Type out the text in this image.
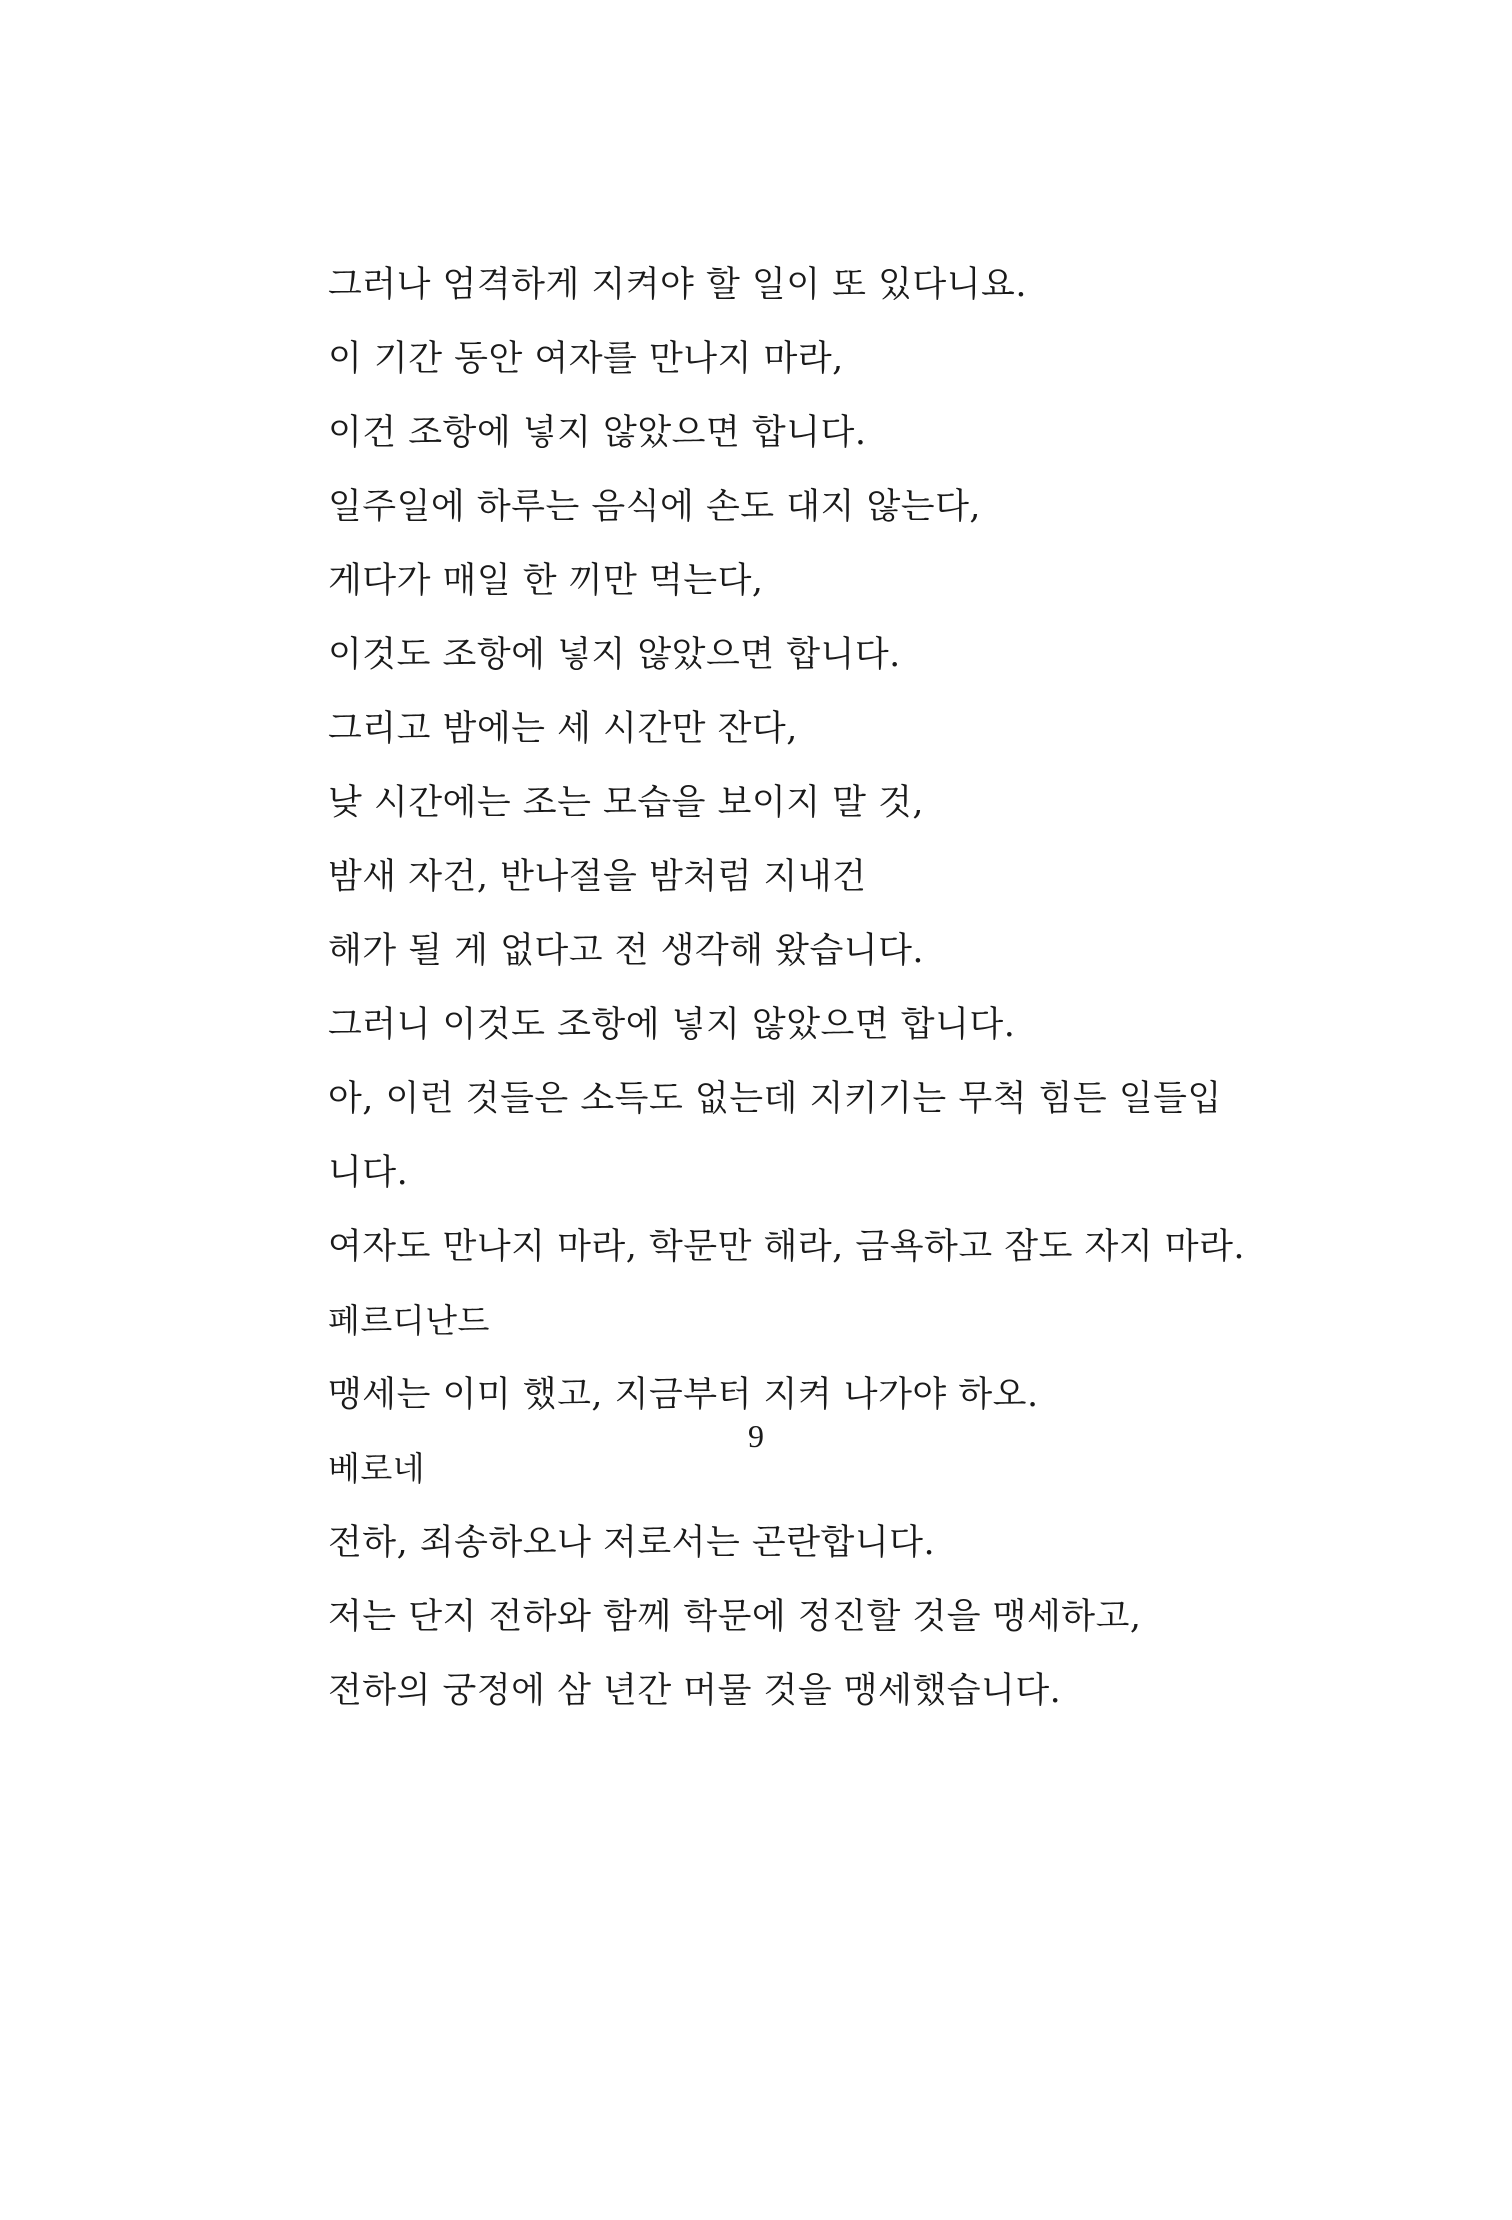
그러나 엄격하게 지켜야 할 일이 또 있다니요.
이 기간 동안 여자를 만나지 마라,
이건 조항에 넣지 않았으면 합니다.
일주일에 하루는 음식에 손도 대지 않는다,
게다가 매일 한 끼만 먹는다,
이것도 조항에 넣지 않았으면 합니다.
그리고 밤에는 세 시간만 잔다,
낮 시간에는 조는 모습을 보이지 말 것,
밤새 자건, 반나절을 밤처럼 지내건
해가 될 게 없다고 전 생각해 왔습니다.
그러니 이것도 조항에 넣지 않았으면 합니다.
아, 이런 것들은 소득도 없는데 지키기는 무척 힘든 일들입
니다.
여자도 만나지 마라, 학문만 해라, 금욕하고 잠도 자지 마라.
페르디난드
맹세는 이미 했고, 지금부터 지켜 나가야 하오.
베로네
전하, 죄송하오나 저로서는 곤란합니다.
저는 단지 전하와 함께 학문에 정진할 것을 맹세하고,
전하의 궁정에 삼 년간 머물 것을 맹세했습니다.
9
